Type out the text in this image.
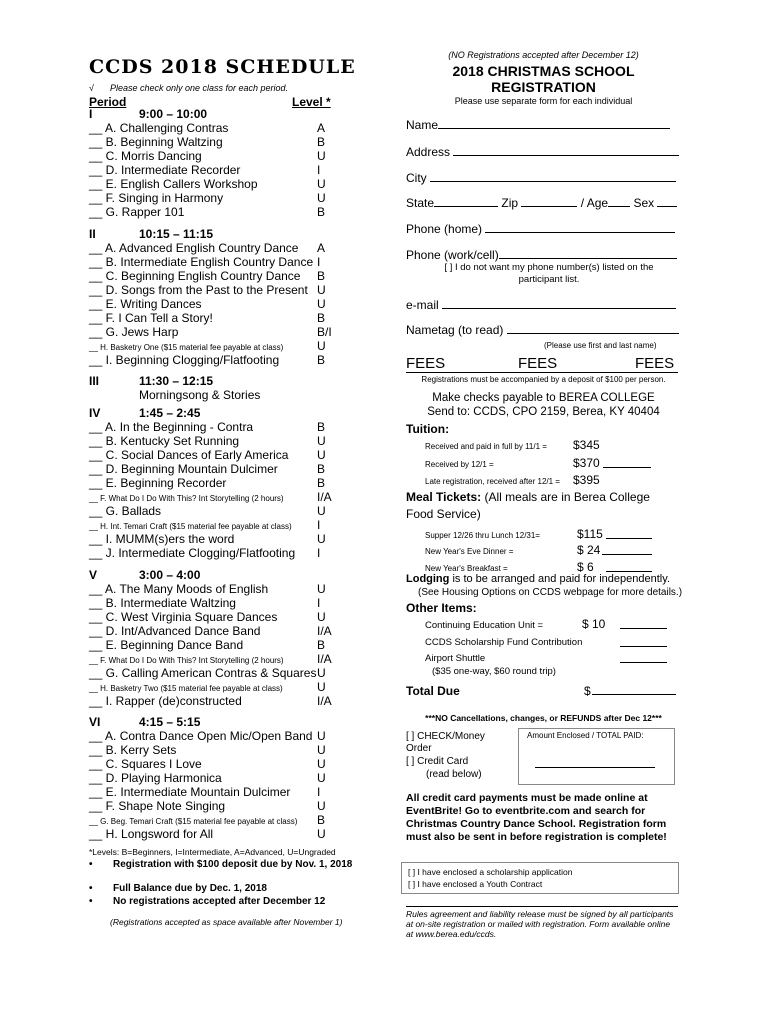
CCDS 2018 SCHEDULE
√ Please check only one class for each period.
Period	Level *
I	9:00 – 10:00
__ A. Challenging Contras	A
__ B. Beginning Waltzing	B
__ C. Morris Dancing	U
__ D. Intermediate Recorder	I
__ E. English Callers Workshop	U
__ F. Singing in Harmony	U
__ G. Rapper 101	B
II	10:15 – 11:15
__ A. Advanced English Country Dance A
__ B. Intermediate English Country Dance I
__ C. Beginning English Country Dance B
__ D. Songs from the Past to the Present U
__ E. Writing Dances	U
__ F. I Can Tell a Story!	B
__ G. Jews Harp	B/I
__ H. Basketry One ($15 material fee payable at class)	U
__ I. Beginning Clogging/Flatfooting	B
III	11:30 – 12:15
Morningsong & Stories
IV	1:45 – 2:45
__ A. In the Beginning - Contra	B
__ B. Kentucky Set Running	U
__ C. Social Dances of Early America U
__ D. Beginning Mountain Dulcimer	B
__ E. Beginning Recorder	B
__ F. What Do I Do With This? Int Storytelling (2 hours)	I/A
__ G. Ballads	U
__ H. Int. Temari Craft ($15 material fee payable at class) I
__ I. MUMM(s)ers the word	U
__ J. Intermediate Clogging/Flatfooting I
V	3:00 – 4:00
__ A. The Many Moods of English	U
__ B. Intermediate Waltzing	I
__ C. West Virginia Square Dances	U
__ D. Int/Advanced Dance Band	I/A
__ E. Beginning Dance Band	B
__ F. What Do I Do With This? Int Storytelling (2 hours)	I/A
__ G. Calling American Contras & Squares U
__ H. Basketry Two ($15 material fee payable at class)	U
__ I. Rapper (de)constructed	I/A
VI	4:15 – 5:15
__ A. Contra Dance Open Mic/Open Band U
__ B. Kerry Sets	U
__ C. Squares I Love	U
__ D. Playing Harmonica	U
__ E. Intermediate Mountain Dulcimer I
__ F. Shape Note Singing	U
__ G. Beg. Temari Craft ($15 material fee payable at class) B
__ H. Longsword for All	U
*Levels: B=Beginners, I=Intermediate, A=Advanced, U=Ungraded
• Registration with $100 deposit due by Nov. 1, 2018
• Full Balance due by Dec. 1, 2018
• No registrations accepted after December 12
(Registrations accepted as space available after November 1)
(NO Registrations accepted after December 12)
2018 CHRISTMAS SCHOOL
REGISTRATION
Please use separate form for each individual
Name
Address
City
State	Zip	/ Age Sex
Phone (home)
Phone (work/cell)
[ ] I do not want my phone number(s) listed on the participant list.
e-mail
Nametag (to read)
(Please use first and last name)
FEES	FEES	FEES
Registrations must be accompanied by a deposit of $100 per person.
Make checks payable to BEREA COLLEGE
Send to: CCDS, CPO 2159, Berea, KY 40404
Tuition:
Received and paid in full by 11/1 = $345
Received by 12/1 =	$370
Late registration, received after 12/1 = $395
Meal Tickets: (All meals are in Berea College Food Service)
Supper 12/26 thru Lunch 12/31=	$115
New Year's Eve Dinner =	$ 24
New Year's Breakfast =	$ 6
Lodging is to be arranged and paid for independently.
(See Housing Options on CCDS webpage for more details.)
Other Items:
Continuing Education Unit =	$ 10
CCDS Scholarship Fund Contribution
Airport Shuttle
($35 one-way, $60 round trip)
Total Due	$
***NO Cancellations, changes, or REFUNDS after Dec 12***
[ ] CHECK/Money Order
[ ] Credit Card
(read below)
Amount Enclosed / TOTAL PAID:
All credit card payments must be made online at EventBrite! Go to eventbrite.com and search for Christmas Country Dance School. Registration form must also be sent in before registration is complete!
[ ] I have enclosed a scholarship application
[ ] I have enclosed a Youth Contract
Rules agreement and liability release must be signed by all participants at on-site registration or mailed with registration. Form available online at www.berea.edu/ccds.
